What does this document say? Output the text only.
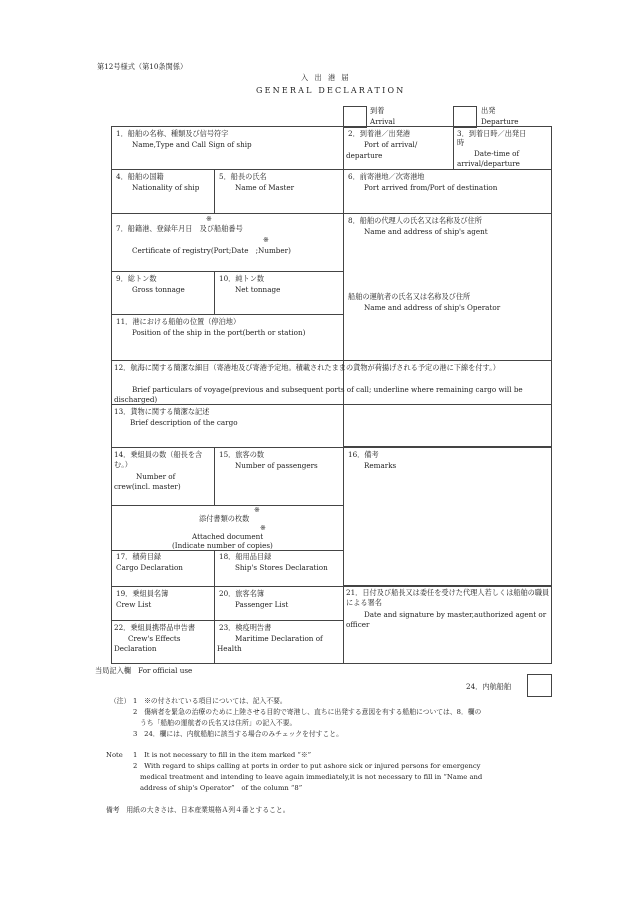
第12号様式（第10条関係）
入 出 港 届
GENERAL DECLARATION
到着
Arrival
出発
Departure
1．船舶の名称、種類及び信号符字
Name,Type and Call Sign of ship
2．到着港／出発港
Port of arrival/
departure
3．到着日時／出発日
時
Date-time of
arrival/departure
4．船舶の国籍
Nationality of ship
5．船長の氏名
Name of Master
6．前寄港地／次寄港地
Port arrived from/Port of destination
※
7．船籍港、登録年月日　及び船舶番号
※
Certificate of registry(Port;Date　;Number)
8．船舶の代理人の氏名又は名称及び住所
Name and address of ship's agent
船舶の運航者の氏名又は名称及び住所
Name and address of ship's Operator
9．総トン数
Gross tonnage
10．純トン数
Net tonnage
11．港における船舶の位置（停泊地）
Position of the ship in the port(berth or station)
12．航海に関する簡潔な細目（寄港地及び寄港予定地。積載されたままの貨物が荷揚げされる予定の港に下線を付す。）
Brief particulars of voyage(previous and subsequent ports of call; underline where remaining cargo will be discharged)
13．貨物に関する簡潔な記述
Brief description of the cargo
14．乗組員の数（船長を含む。）
Number of crew(incl. master)
15．旅客の数
Number of passengers
16．備考
Remarks
※
添付書類の枚数
※
Attached document
(Indicate number of copies)
17．積荷目録
Cargo Declaration
18．船用品目録
Ship's Stores Declaration
19．乗組員名簿
Crew List
20．旅客名簿
Passenger List
21．日付及び船長又は委任を受けた代理人若しくは船舶の職員による署名
Date and signature by master,authorized agent or officer
22．乗組員携帯品申告書
Crew's Effects Declaration
23．検疫明告書
Maritime Declaration of Health
当局記入欄　For official use
24．内航船舶
（注） 1　※の付されている項目については、記入不要。
2　傷病者を緊急の治療のために上陸させる目的で寄港し、直ちに出発する意図を有する船舶については、8．欄の
うち「船舶の運航者の氏名又は住所」の記入不要。
3　24．欄には、内航船舶に該当する場合のみチェックを付すこと。
Note 1　It is not necessary to fill in the item marked “※”
2　With regard to ships calling at ports in order to put ashore sick or injured persons for emergency
medical treatment and intending to leave again immediately,it is not necessary to fill in “Name and
address of ship's Operator”　of the column “8”
備考　用紙の大きさは、日本産業規格Ａ列４番とすること。
